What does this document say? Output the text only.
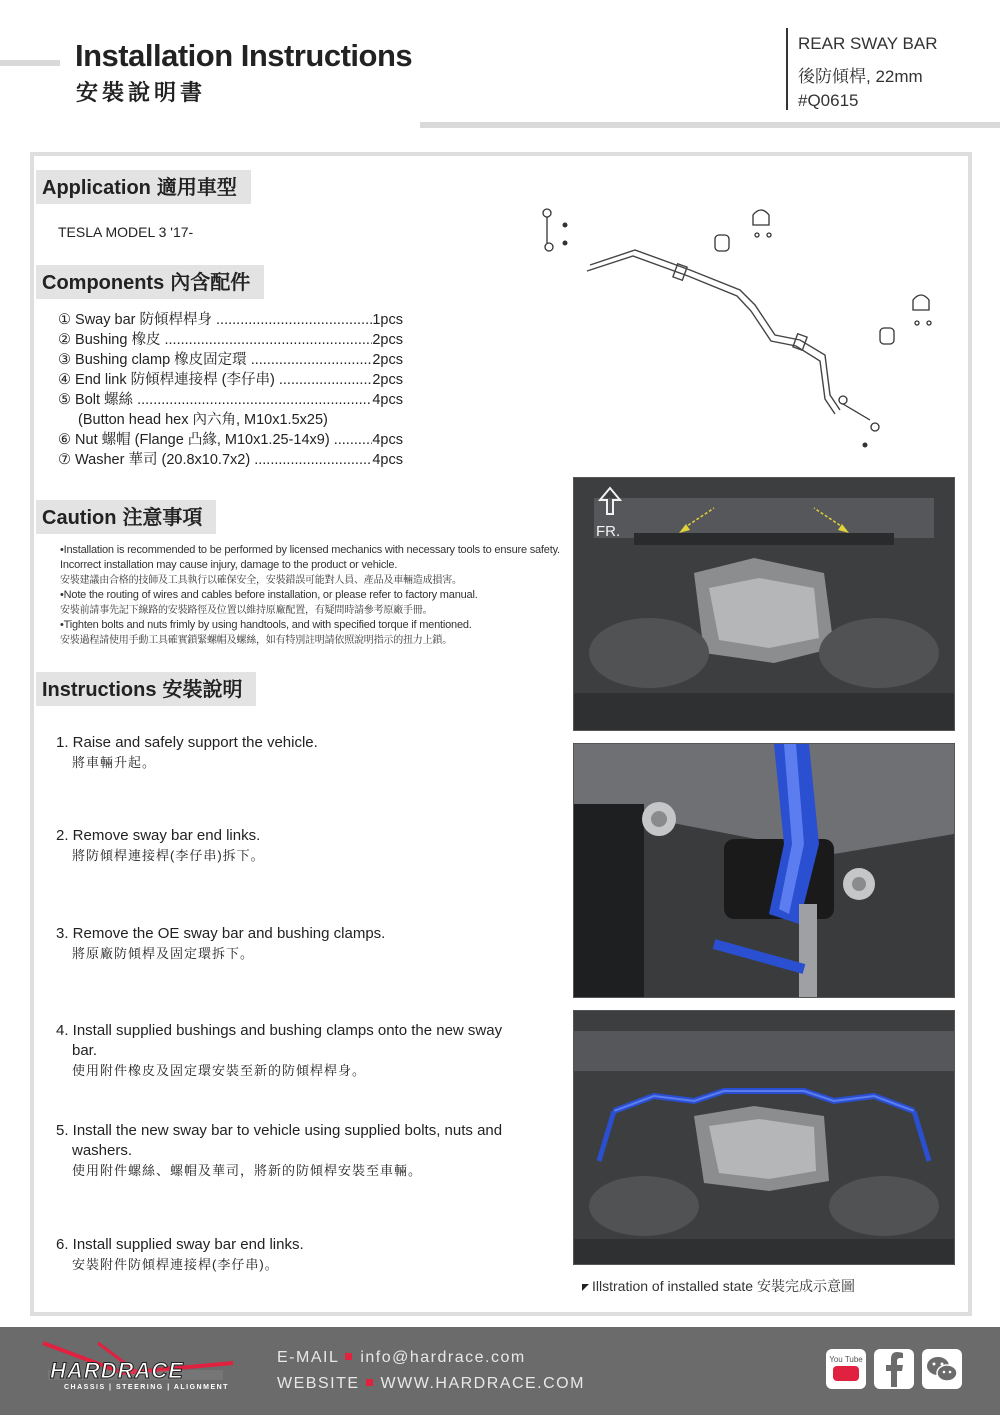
Installation Instructions
安裝說明書
REAR SWAY BAR
後防傾桿, 22mm
#Q0615
Application 適用車型
TESLA MODEL 3 '17-
Components 內含配件
① Sway bar 防傾桿桿身 .....	1pcs
② Bushing 橡皮 .....	2pcs
③ Bushing clamp 橡皮固定環 .....	2pcs
④ End link 防傾桿連接桿 (李仔串) .....	2pcs
⑤ Bolt 螺絲 .....	4pcs
(Button head hex 內六角, M10x1.5x25)
⑥ Nut 螺帽 (Flange 凸緣, M10x1.25-14x9) .....	4pcs
⑦ Washer 華司 (20.8x10.7x2) .....	4pcs
Caution 注意事項
•Installation is recommended to be performed by licensed mechanics with necessary tools to ensure safety. Incorrect installation may cause injury, damage to the product or vehicle.
安裝建議由合格的技師及工具執行以確保安全，安裝錯誤可能對人員、產品及車輛造成損害。
•Note the routing of wires and cables before installation, or please refer to factory manual.
安裝前請事先記下線路的安裝路徑及位置以維持原廠配置，有疑問時請參考原廠手冊。
•Tighten bolts and nuts frimly by using handtools, and with specified torque if mentioned.
安裝過程請使用手動工具確實鎖緊螺帽及螺絲，如有特別註明請依照說明指示的扭力上鎖。
Instructions 安裝說明
1. Raise and safely support the vehicle.
將車輛升起。
2. Remove sway bar end links.
將防傾桿連接桿(李仔串)拆下。
3. Remove the OE sway bar and bushing clamps.
將原廠防傾桿及固定環拆下。
4. Install supplied bushings and bushing clamps onto the new sway
bar.
使用附件橡皮及固定環安裝至新的防傾桿桿身。
5. Install the new sway bar to vehicle using supplied bolts, nuts and
washers.
使用附件螺絲、螺帽及華司，將新的防傾桿安裝至車輛。
6. Install supplied sway bar end links.
安裝附件防傾桿連接桿(李仔串)。
FR.
Illstration of installed state 安裝完成示意圖
HARDRACE
CHASSIS | STEERING | ALIGNMENT
E-MAIL info@hardrace.com
WEBSITE WWW.HARDRACE.COM
You Tube
